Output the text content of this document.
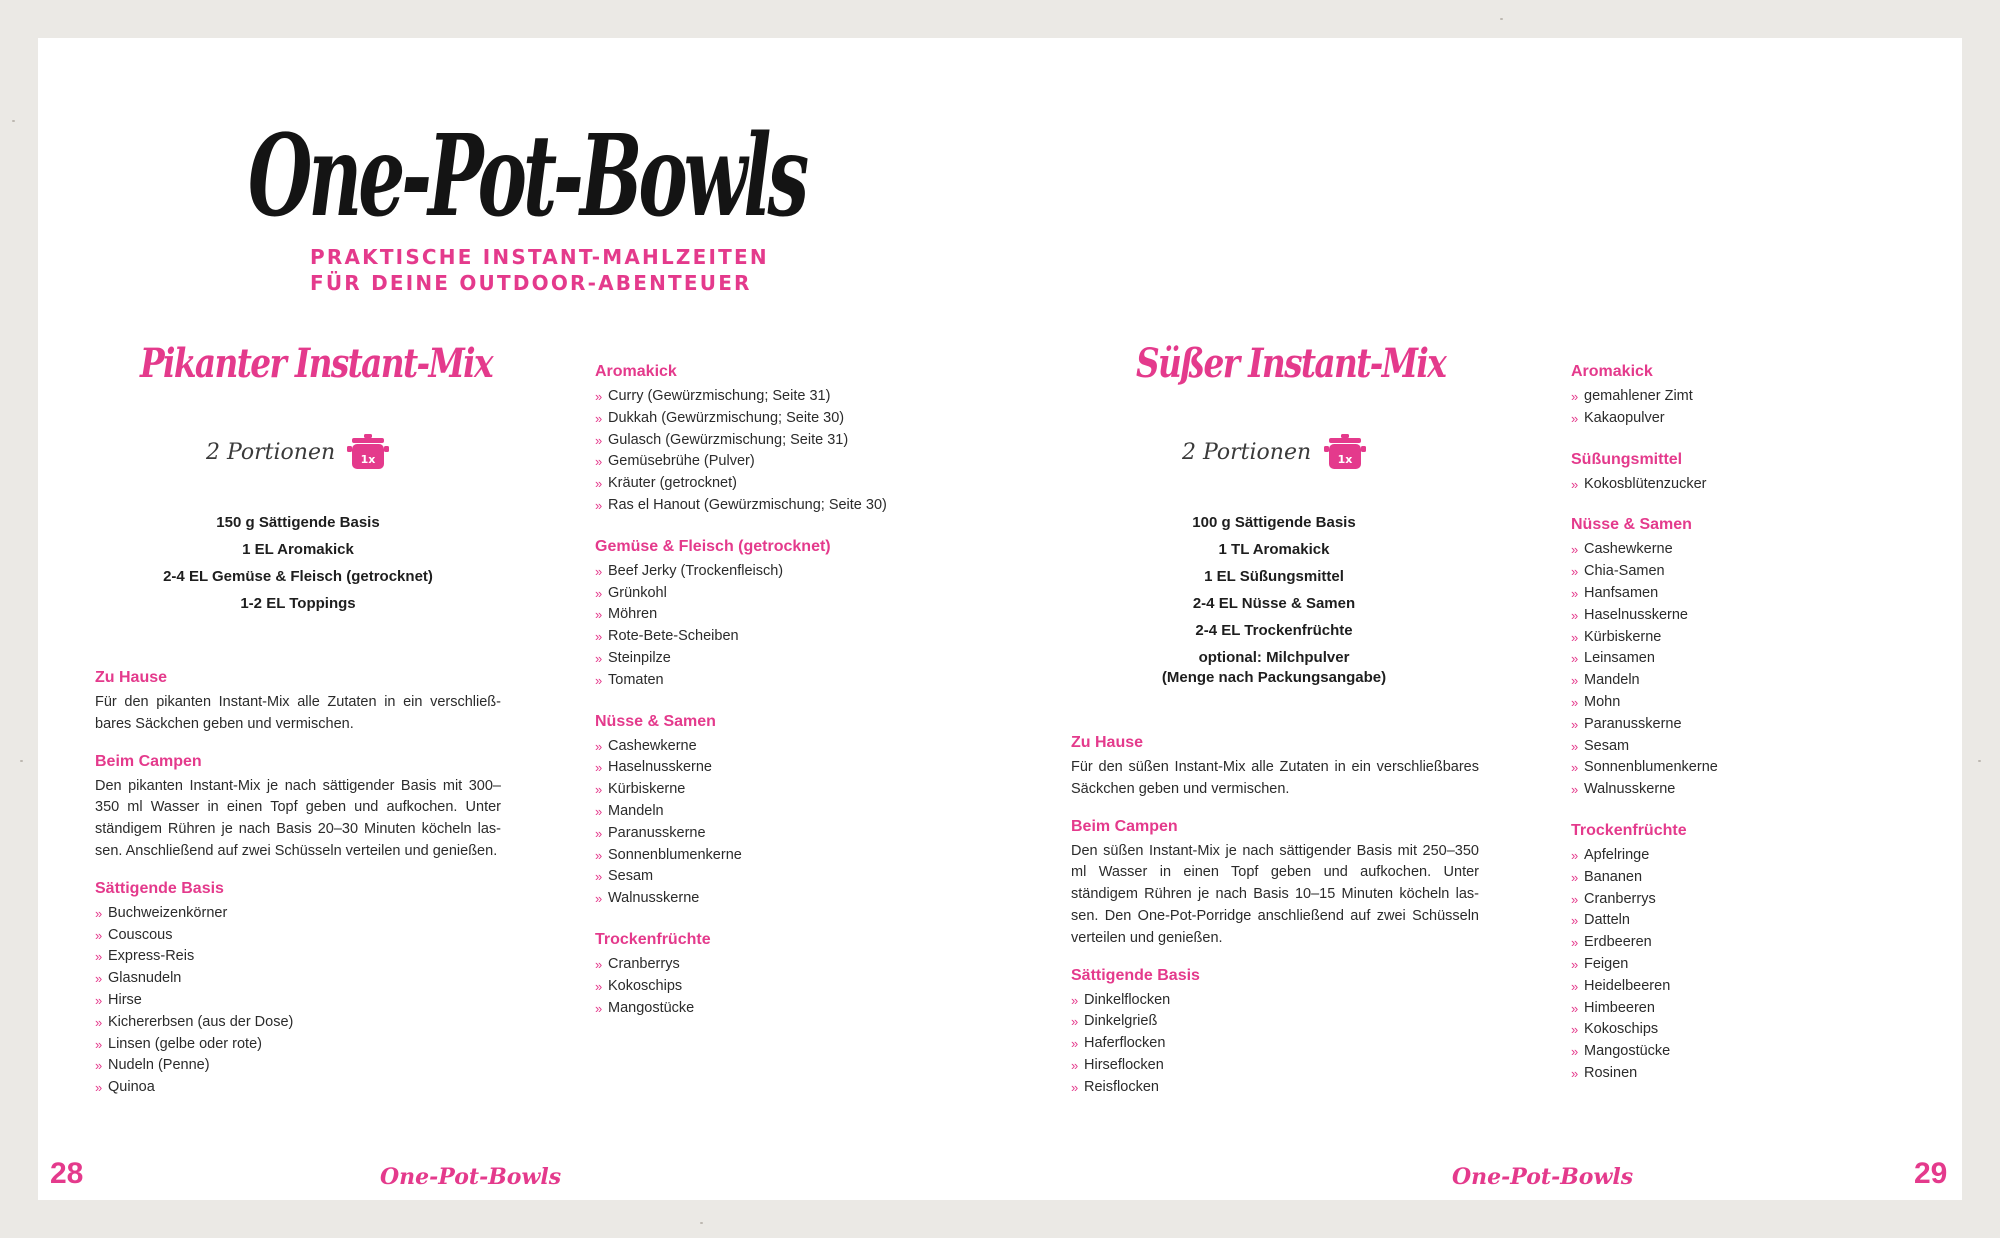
One-Pot-Bowls
PRAKTISCHE INSTANT-MAHLZEITEN
FÜR DEINE OUTDOOR-ABENTEUER
Pikanter Instant-Mix
2 Portionen 1x
150 g Sättigende Basis
1 EL Aromakick
2-4 EL Gemüse & Fleisch (getrocknet)
1-2 EL Toppings
Zu Hause
Für den pikanten Instant-Mix alle Zutaten in ein verschließ- bares Säckchen geben und vermischen.
Beim Campen
Den pikanten Instant-Mix je nach sättigender Basis mit 300–350 ml Wasser in einen Topf geben und aufkochen. Unter ständigem Rühren je nach Basis 20–30 Minuten köcheln las- sen. Anschließend auf zwei Schüsseln verteilen und genießen.
Sättigende Basis
» Buchweizenkörner
» Couscous
» Express-Reis
» Glasnudeln
» Hirse
» Kichererbsen (aus der Dose)
» Linsen (gelbe oder rote)
» Nudeln (Penne)
» Quinoa
Aromakick
» Curry (Gewürzmischung; Seite 31)
» Dukkah (Gewürzmischung; Seite 30)
» Gulasch (Gewürzmischung; Seite 31)
» Gemüsebrühe (Pulver)
» Kräuter (getrocknet)
» Ras el Hanout (Gewürzmischung; Seite 30)
Gemüse & Fleisch (getrocknet)
» Beef Jerky (Trockenfleisch)
» Grünkohl
» Möhren
» Rote-Bete-Scheiben
» Steinpilze
» Tomaten
Nüsse & Samen
» Cashewkerne
» Haselnusskerne
» Kürbiskerne
» Mandeln
» Paranusskerne
» Sonnenblumenkerne
» Sesam
» Walnusskerne
Trockenfrüchte
» Cranberrys
» Kokoschips
» Mangostücke
Süßer Instant-Mix
2 Portionen 1x
100 g Sättigende Basis
1 TL Aromakick
1 EL Süßungsmittel
2-4 EL Nüsse & Samen
2-4 EL Trockenfrüchte
optional: Milchpulver
(Menge nach Packungsangabe)
Zu Hause
Für den süßen Instant-Mix alle Zutaten in ein verschließbares Säckchen geben und vermischen.
Beim Campen
Den süßen Instant-Mix je nach sättigender Basis mit 250–350 ml Wasser in einen Topf geben und aufkochen. Unter ständigem Rühren je nach Basis 10–15 Minuten köcheln las- sen. Den One-Pot-Porridge anschließend auf zwei Schüsseln verteilen und genießen.
Sättigende Basis
» Dinkelflocken
» Dinkelgrieß
» Haferflocken
» Hirseflocken
» Reisflocken
Aromakick
» gemahlener Zimt
» Kakaopulver
Süßungsmittel
» Kokosblütenzucker
Nüsse & Samen
» Cashewkerne
» Chia-Samen
» Hanfsamen
» Haselnusskerne
» Kürbiskerne
» Leinsamen
» Mandeln
» Mohn
» Paranusskerne
» Sesam
» Sonnenblumenkerne
» Walnusskerne
Trockenfrüchte
» Apfelringe
» Bananen
» Cranberrys
» Datteln
» Erdbeeren
» Feigen
» Heidelbeeren
» Himbeeren
» Kokoschips
» Mangostücke
» Rosinen
28	One-Pot-Bowls	One-Pot-Bowls	29
